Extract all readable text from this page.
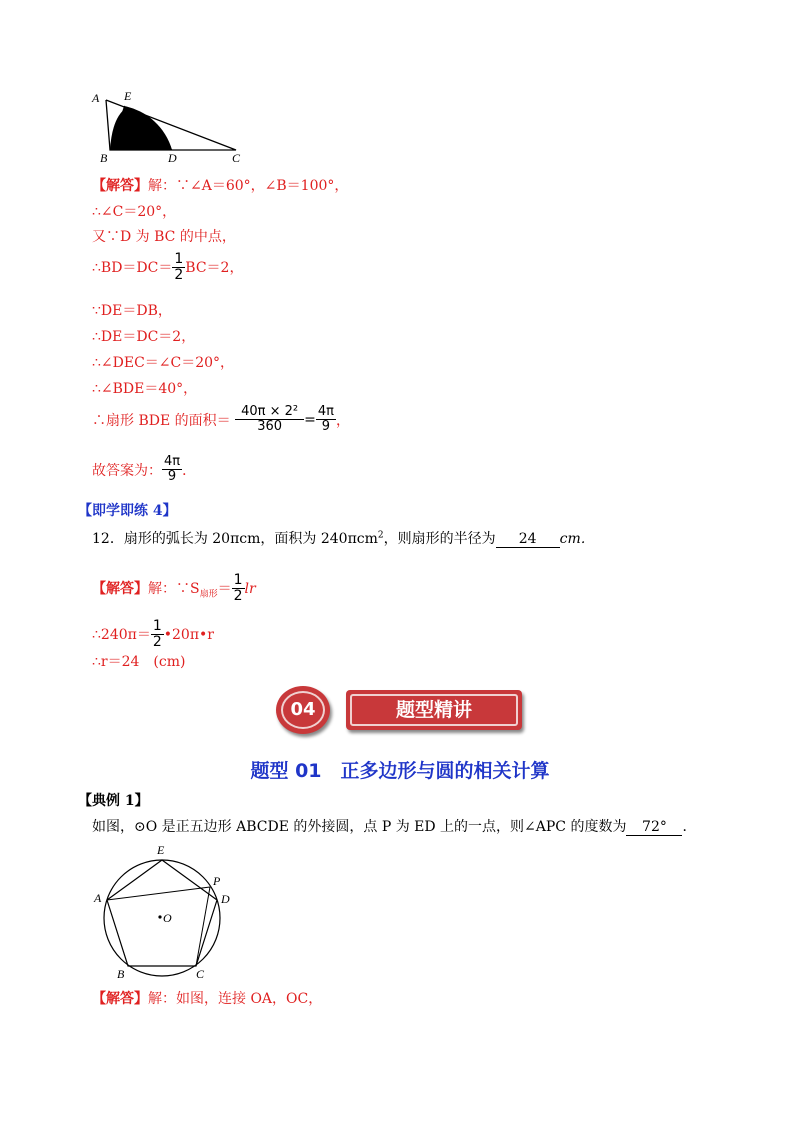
A E
B	D	C
【解答】解：∵∠A＝60°，∠B＝100°，
∴∠C＝20°，
又∵D 为 BC 的中点，
∴BD＝DC＝ $\frac{1}{2} BC=2$，
∵DE＝DB，
∴DE＝DC＝2，
∴∠DEC＝∠C＝20°，
∴∠BDE＝40°，
∴扇形 BDE 的面积＝ $\frac{\text{40π × 2²}}{360} = \frac{4\pi}{9}$ ，
故答案为： $\frac{4\pi}{9}$ ．
【即学即练 4】
12．扇形的弧长为 20πcm，面积为 240πcm$^2$，则扇形的半径为 24 cm．
【解答】解：$\because S_{扇形}= \frac{1}{2}$ lr
∴240π＝ $\frac{1}{2}$ •20π•r
∴r＝24　(cm)
题型精讲
04
题型 01　正多边形与圆的相关计算
【典例 1】
如图，⊙O 是正五边形 ABCDE 的外接圆，点 P 为 ED 上的一点，则∠APC 的度数为 72° ．
E
P
D
A
O
B	C
【解答】解：如图，连接 OA，OC，
